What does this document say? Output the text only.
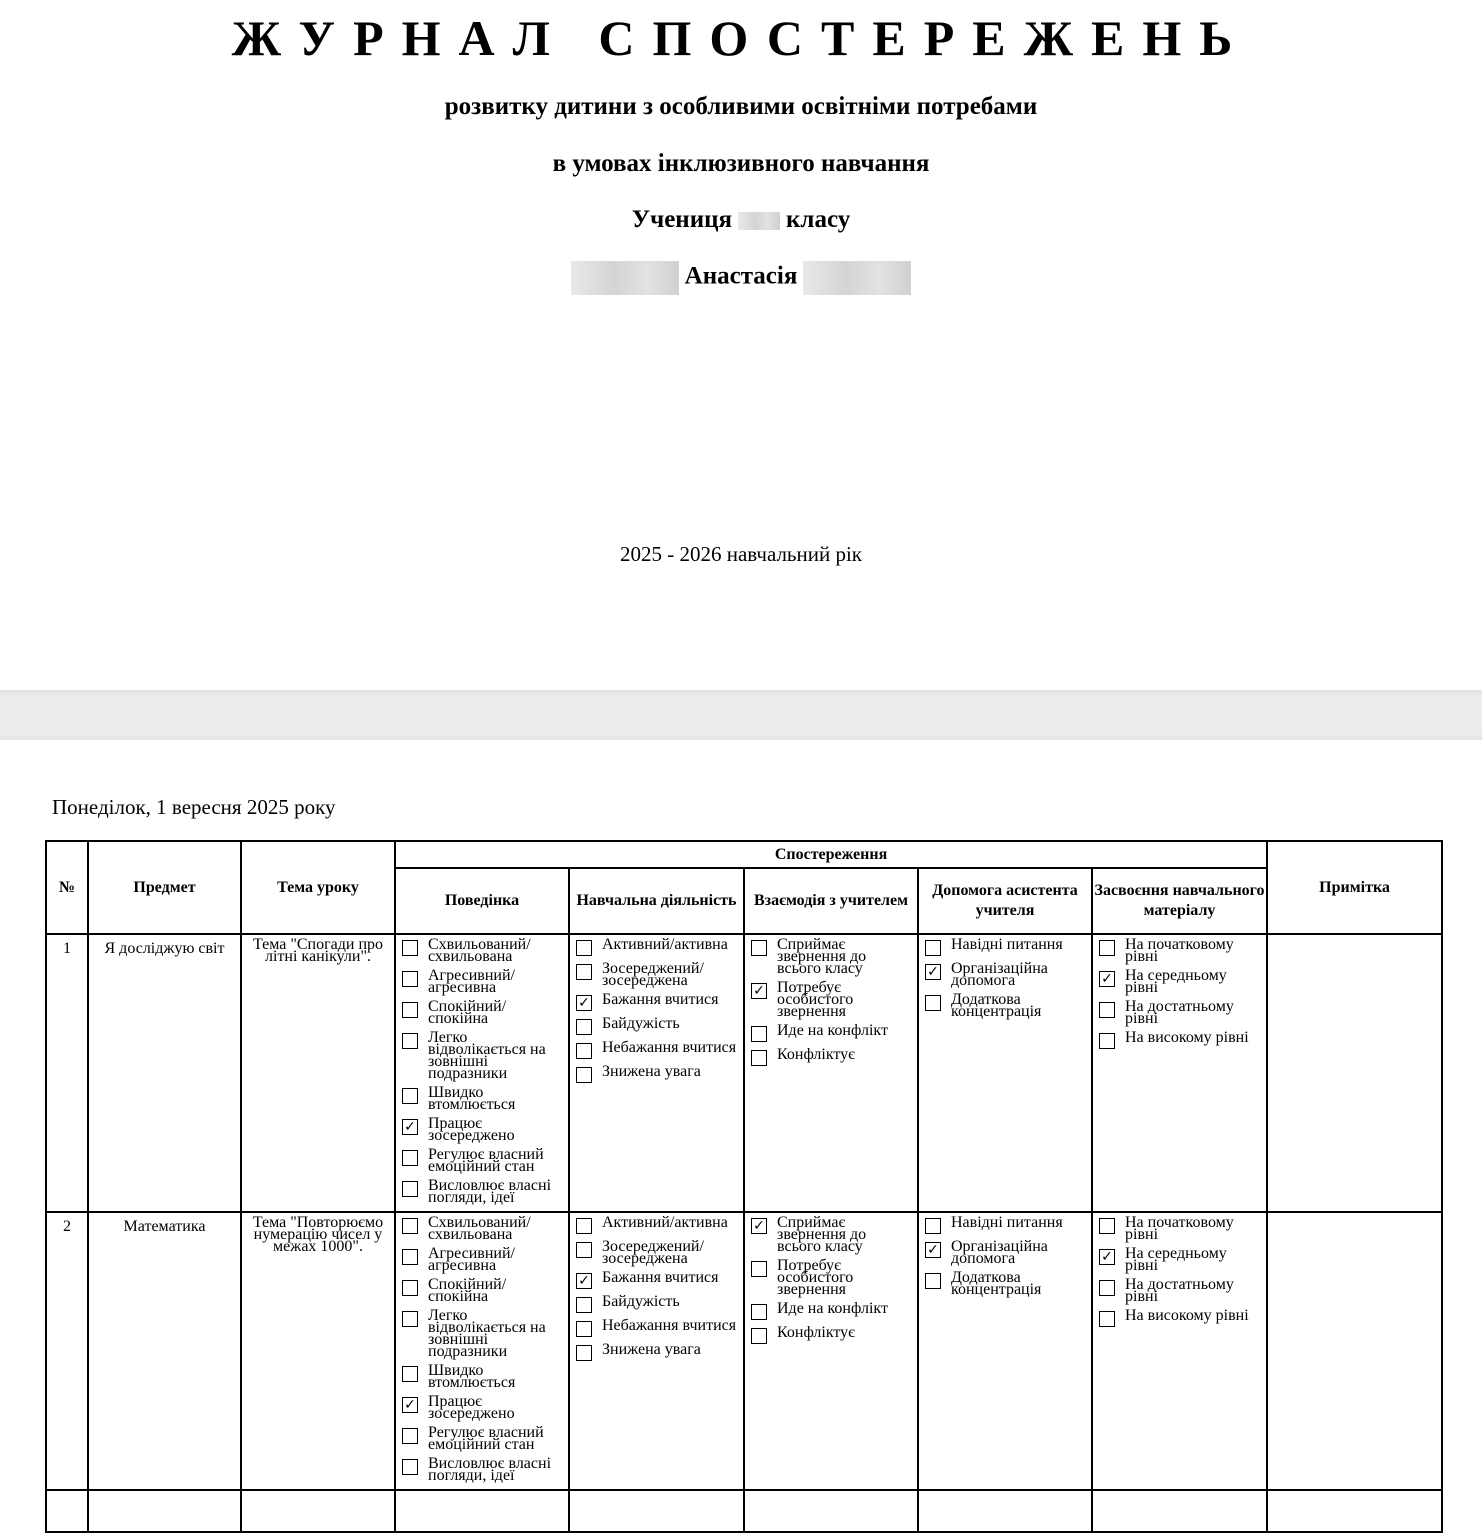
ЖУРНАЛ СПОСТЕРЕЖЕНЬ
розвитку дитини з особливими освітніми потребами
в умовах інклюзивного навчання
Учениця класу
Анастасія
2025 - 2026 навчальний рік
Понеділок, 1 вересня 2025 року
№	Предмет	Тема уроку	Спостереження	Примітка
Поведінка	Навчальна діяльність	Взаємодія з учителем	Допомога асистента учителя	Засвоєння навчального матеріалу
1	Я досліджую світ	Тема "Спогади про літні канікули".	
Схвильований/ схвильована
Агресивний/ агресивна
Спокійний/ спокійна
Легко відволікається на зовнішні подразники
Швидко втомлюється
✓ Працює зосереджено
Регулює власний емоційний стан
Висловлює власні погляди, ідеї

Активний/активна
Зосереджений/ зосереджена
✓ Бажання вчитися
Байдужість
Небажання вчитися
Знижена увага

Сприймає звернення до всього класу
✓ Потребує особистого звернення
Иде на конфлікт
Конфліктує

Навідні питання
✓ Організаційна допомога
Додаткова концентрація

На початковому рівні
✓ На середньому рівні
На достатньому рівні
На високому рівні

2	Математика	Тема "Повторюємо нумерацію чисел у межах 1000".	
Схвильований/ схвильована
Агресивний/ агресивна
Спокійний/ спокійна
Легко відволікається на зовнішні подразники
Швидко втомлюється
✓ Працює зосереджено
Регулює власний емоційний стан
Висловлює власні погляди, ідеї

Активний/активна
Зосереджений/ зосереджена
✓ Бажання вчитися
Байдужість
Небажання вчитися
Знижена увага

✓ Сприймає звернення до всього класу
Потребує особистого звернення
Иде на конфлікт
Конфліктує

Навідні питання
✓ Організаційна допомога
Додаткова концентрація

На початковому рівні
✓ На середньому рівні
На достатньому рівні
На високому рівні
